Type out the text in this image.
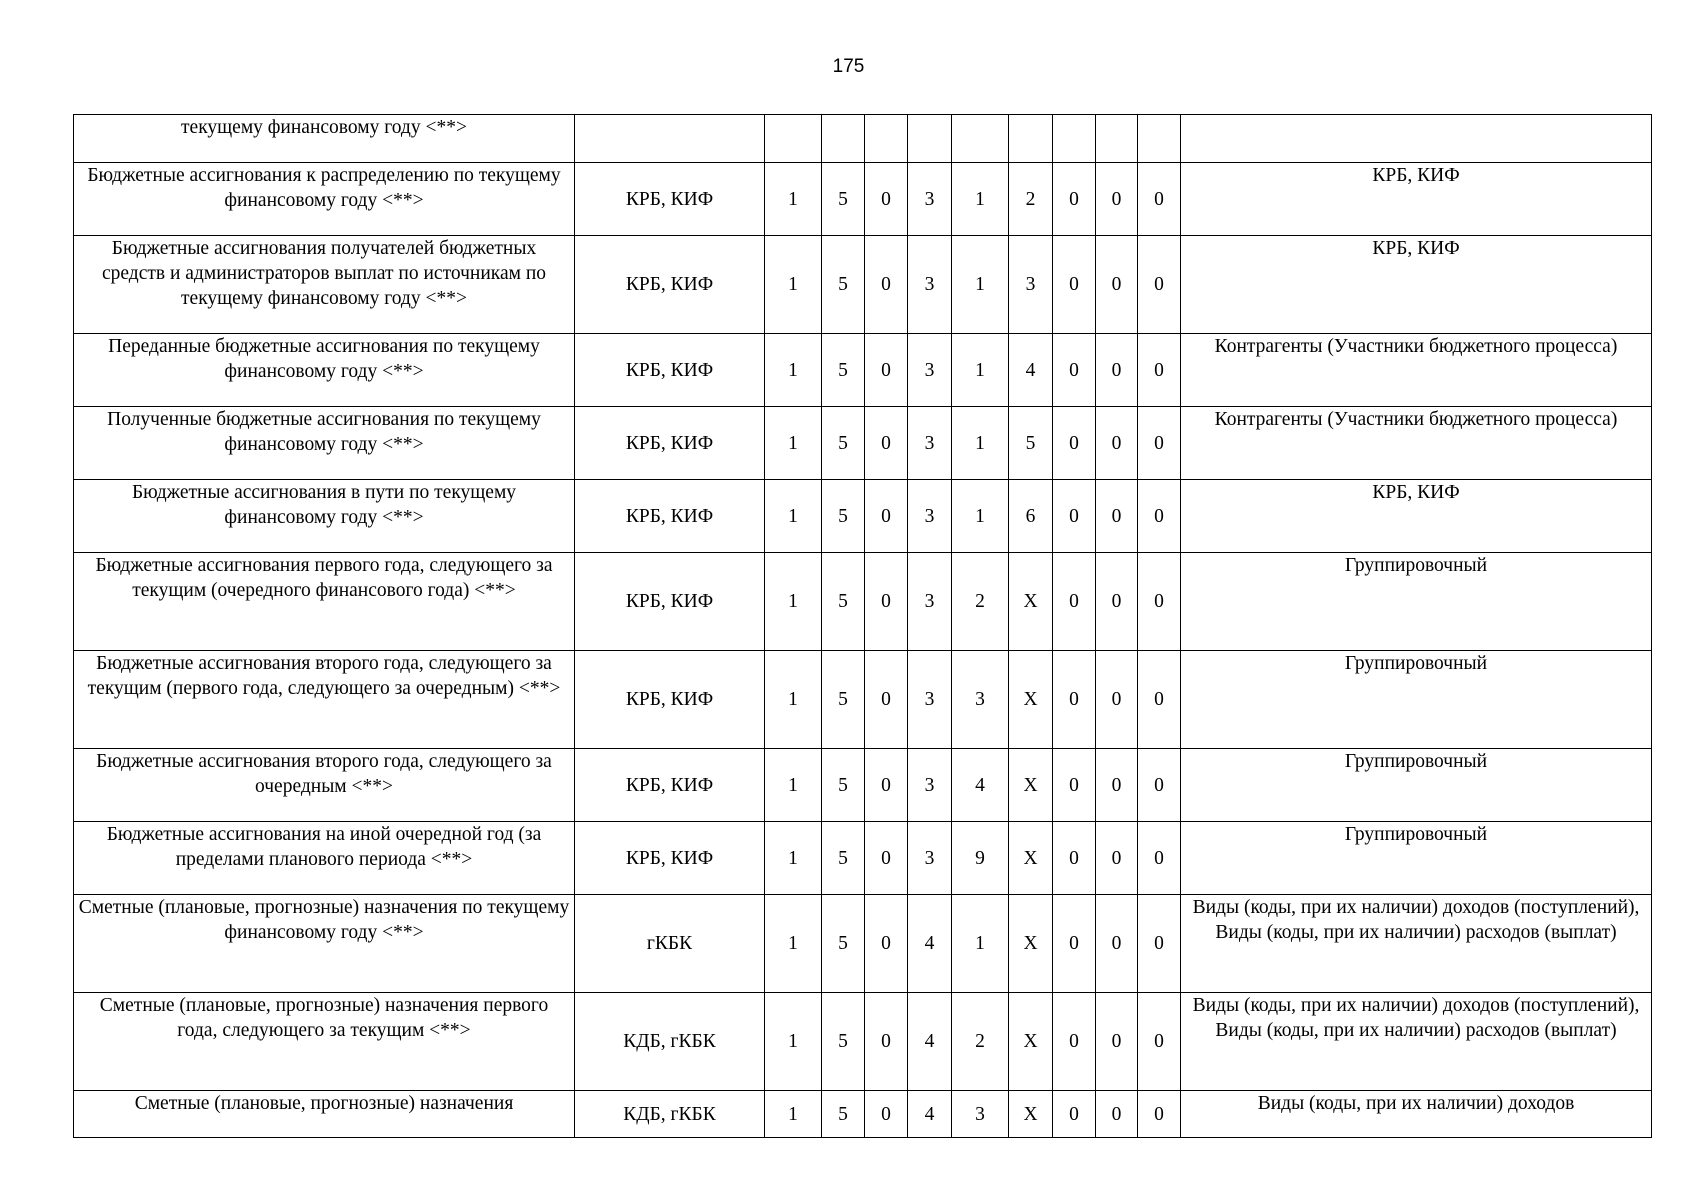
175
текущему финансовому году <**>											
Бюджетные ассигнования к распределению по текущему финансовому году <**>	КРБ, КИФ	1	5	0	3	1	2	0	0	0	КРБ, КИФ
Бюджетные ассигнования получателей бюджетных средств и администраторов выплат по источникам по текущему финансовому году <**>	КРБ, КИФ	1	5	0	3	1	3	0	0	0	КРБ, КИФ
Переданные бюджетные ассигнования по текущему финансовому году <**>	КРБ, КИФ	1	5	0	3	1	4	0	0	0	Контрагенты (Участники бюджетного процесса)
Полученные бюджетные ассигнования по текущему финансовому году <**>	КРБ, КИФ	1	5	0	3	1	5	0	0	0	Контрагенты (Участники бюджетного процесса)
Бюджетные ассигнования в пути по текущему финансовому году <**>	КРБ, КИФ	1	5	0	3	1	6	0	0	0	КРБ, КИФ
Бюджетные ассигнования первого года, следующего за текущим (очередного финансового года) <**>	КРБ, КИФ	1	5	0	3	2	X	0	0	0	Группировочный
Бюджетные ассигнования второго года, следующего за текущим (первого года, следующего за очередным) <**>	КРБ, КИФ	1	5	0	3	3	X	0	0	0	Группировочный
Бюджетные ассигнования второго года, следующего за очередным <**>	КРБ, КИФ	1	5	0	3	4	X	0	0	0	Группировочный
Бюджетные ассигнования на иной очередной год (за пределами планового периода <**>	КРБ, КИФ	1	5	0	3	9	X	0	0	0	Группировочный
Сметные (плановые, прогнозные) назначения по текущему финансовому году <**>	гКБК	1	5	0	4	1	X	0	0	0	Виды (коды, при их наличии) доходов (поступлений), Виды (коды, при их наличии) расходов (выплат)
Сметные (плановые, прогнозные) назначения первого года, следующего за текущим <**>	КДБ, гКБК	1	5	0	4	2	X	0	0	0	Виды (коды, при их наличии) доходов (поступлений), Виды (коды, при их наличии) расходов (выплат)
Сметные (плановые, прогнозные) назначения	КДБ, гКБК	1	5	0	4	3	X	0	0	0	Виды (коды, при их наличии) доходов
